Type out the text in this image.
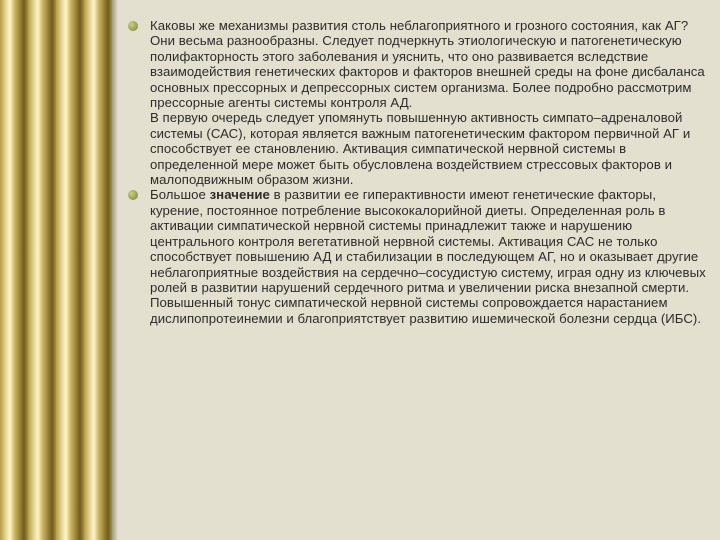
Каковы же механизмы развития столь неблагоприятного и грозного состояния, как АГ? Они весьма разнообразны. Следует подчеркнуть этиологическую и патогенетическую полифакторность этого заболевания и уяснить, что оно развивается вследствие взаимодействия генетических факторов и факторов внешней среды на фоне дисбаланса основных прессорных и депрессорных систем организма. Более подробно рассмотрим прессорные агенты системы контроля АД.
В первую очередь следует упомянуть повышенную активность симпато–адреналовой системы (САС), которая является важным патогенетическим фактором первичной АГ и способствует ее становлению. Активация симпатической нервной системы в определенной мере может быть обусловлена воздействием стрессовых факторов и малоподвижным образом жизни.
Большое значение в развитии ее гиперактивности имеют генетические факторы, курение, постоянное потребление высококалорийной диеты. Определенная роль в активации симпатической нервной системы принадлежит также и нарушению центрального контроля вегетативной нервной системы. Активация САС не только способствует повышению АД и стабилизации в последующем АГ, но и оказывает другие неблагоприятные воздействия на сердечно–сосудистую систему, играя одну из ключевых ролей в развитии нарушений сердечного ритма и увеличении риска внезапной смерти. Повышенный тонус симпатической нервной системы сопровождается нарастанием дислипопротеинемии и благоприятствует развитию ишемической болезни сердца (ИБС).
